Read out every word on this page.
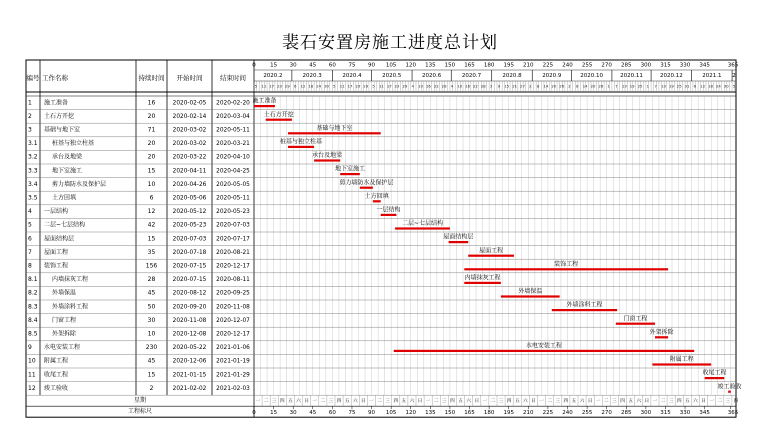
裴石安置房施工进度总计划
编号 工作名称	持续时间 开始时间	结束时间
0	15 30 45 60 75 90 105 120 135 150 165 180 195 210 225 240 255 270 285 300 315 330 345	365
2020.2	2020.3	2020.4	2020.5	2020.6	2020.7	2020.8	2020.9	2020.10	2020.11	2020.12	2021.1 2
5 11 17 23 29 6 12 18 24 30 5 11 17 23 29 5 11 17 23 29 4 10 16 22 28 4 10 16 22 28 3 9 15 21 27 2 8 14 20 26 2 8 14 20 26 1 7 13 19 25 1 7 13 19 25 31 6 12 18 24 30 5
1 施工准备	16	2020-02-05 2020-02-20 施工准备
2 土石方开挖	20	2020-02-14 2020-03-04 土石方开挖
3 基础与地下室	71	2020-03-02 2020-05-11	基础与地下室
3.1 桩基与独立柱基	20	2020-03-02 2020-03-21	桩基与独立柱基
3.2 承台及地梁	20	2020-03-22 2020-04-10	承台及地梁
3.3 地下室施工	15	2020-04-11 2020-04-25	地下室施工
3.4 剪力墙防水及保护层	10	2020-04-26 2020-05-05	剪力墙防水及保护层
3.5 土方回填	6	2020-05-06 2020-05-11	土方回填
4 一层结构	12	2020-05-12 2020-05-23	一层结构
5 二层~七层结构	42	2020-05-23 2020-07-03	二层~七层结构
6 屋面结构层	15	2020-07-03 2020-07-17	屋面结构层
7 屋面工程	35	2020-07-18 2020-08-21	屋面工程
8 装饰工程	156	2020-07-15 2020-12-17	装饰工程
8.1 内墙抹灰工程	28	2020-07-15 2020-08-11	内墙抹灰工程
8.2 外墙保温	45	2020-08-12 2020-09-25	外墙保温
8.3 外墙涂料工程	50	2020-09-20 2020-11-08	外墙涂料工程
8.4 门窗工程	30	2020-11-08 2020-12-07	门窗工程
8.5 外架拆除	10	2020-12-08 2020-12-17	外架拆除
9 水电安装工程	230	2020-05-22 2021-01-06	水电安装工程
10 附属工程	45	2020-12-06 2021-01-19	附属工程
11 收尾工程	15	2021-01-15 2021-01-29	收尾工程
12 竣工验收	2	2021-02-02 2021-02-03	竣工验收
星期
工程标尺
一 二 三 四 五 六 日 一 二 三 四 五 六 日 一 二 三 四 五 六 日 一 二 三 四 五 六 日 一 二 三 四 五 六 日 一 二 三 四 五 六 日 一 二 三 四 五 六 日 一 二 三 四 五 六 日 一 二 三 四
0	15 30 45 60 75 90 105 120 135 150 165 180 195 210 225 240 255 270 285 300 315 330 345	365
